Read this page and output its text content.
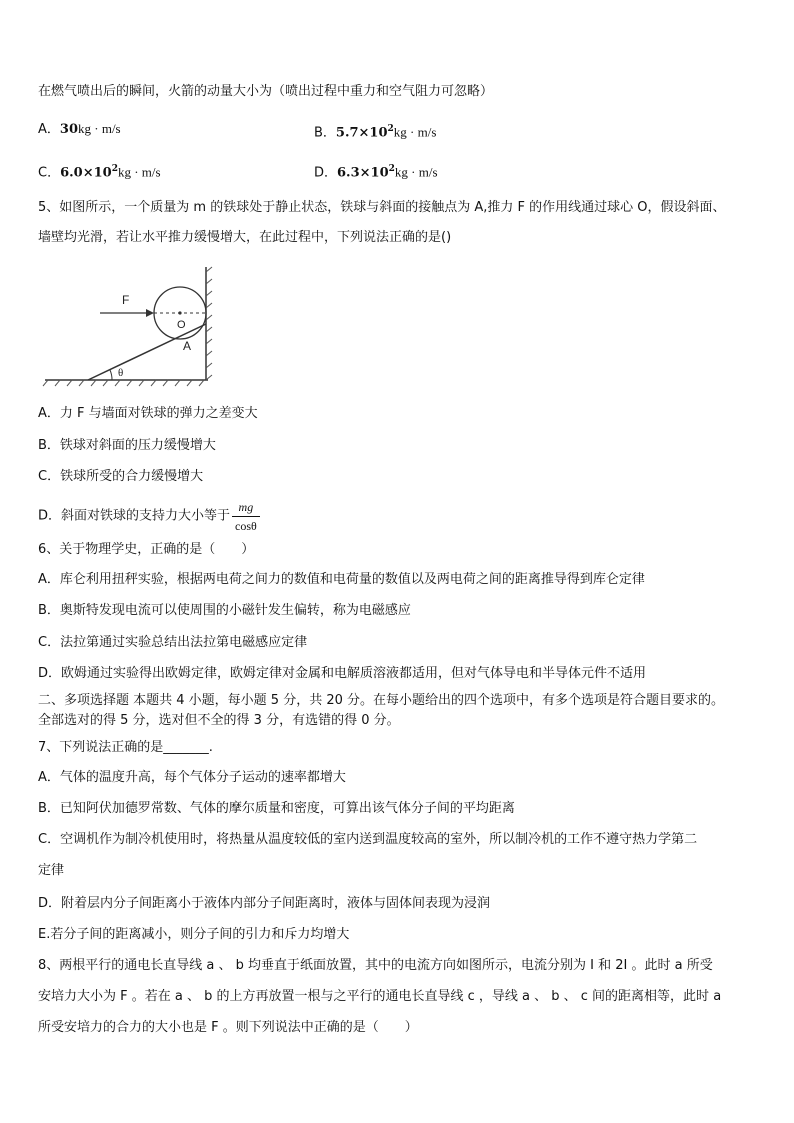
在燃气喷出后的瞬间，火箭的动量大小为（喷出过程中重力和空气阻力可忽略）
A．30kg · m/s	B．$5.7\times 10^2kg \cdot m/s$
C．$6.0\times 10^2kg \cdot m/s$	D．$6.3\times 10^2kg \cdot m/s$
5、如图所示，一个质量为 m 的铁球处于静止状态，铁球与斜面的接触点为 A,推力 F 的作用线通过球心 O，假设斜面、
墙壁均光滑，若让水平推力缓慢增大，在此过程中，下列说法正确的是()
θ
F
O
A
A．力 F 与墙面对铁球的弹力之差变大
B．铁球对斜面的压力缓慢增大
C．铁球所受的合力缓慢增大
D．斜面对铁球的支持力大小等于 $\frac{mg}{\cos\theta}$
6、关于物理学史，正确的是（　　）
A．库仑利用扭秤实验，根据两电荷之间力的数值和电荷量的数值以及两电荷之间的距离推导得到库仑定律
B．奥斯特发现电流可以使周围的小磁针发生偏转，称为电磁感应
C．法拉第通过实验总结出法拉第电磁感应定律
D．欧姆通过实验得出欧姆定律，欧姆定律对金属和电解质溶液都适用，但对气体导电和半导体元件不适用
二、多项选择题 本题共 4 小题，每小题 5 分，共 20 分。在每小题给出的四个选项中，有多个选项是符合题目要求的。
全部选对的得 5 分，选对但不全的得 3 分，有选错的得 0 分。
7、下列说法正确的是_______.
A．气体的温度升高，每个气体分子运动的速率都增大
B．已知阿伏加德罗常数、气体的摩尔质量和密度，可算出该气体分子间的平均距离
C．空调机作为制冷机使用时，将热量从温度较低的室内送到温度较高的室外，所以制冷机的工作不遵守热力学第二
定律
D．附着层内分子间距离小于液体内部分子间距离时，液体与固体间表现为浸润
E.若分子间的距离减小，则分子间的引力和斥力均增大
8、两根平行的通电长直导线 a 、 b 均垂直于纸面放置，其中的电流方向如图所示，电流分别为 I 和 2I 。此时 a 所受
安培力大小为 F 。若在 a 、 b 的上方再放置一根与之平行的通电长直导线 c ，导线 a 、 b 、 c 间的距离相等，此时 a
所受安培力的合力的大小也是 F 。则下列说法中正确的是（　　）
